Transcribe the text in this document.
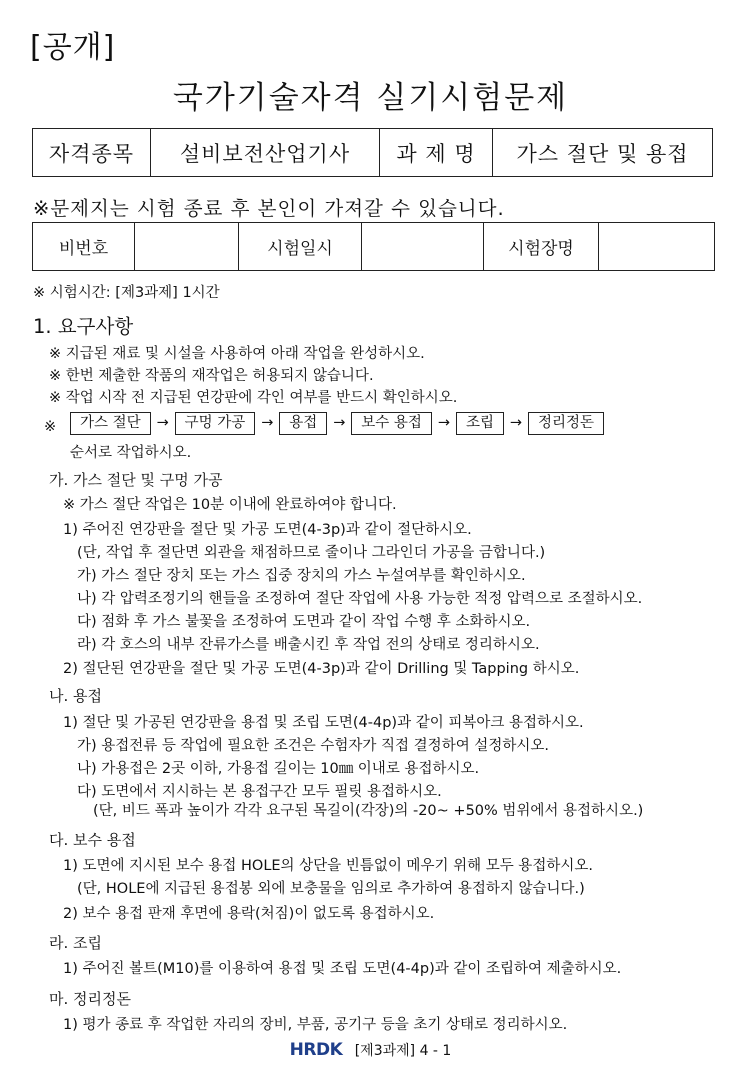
[공개]
국가기술자격 실기시험문제
자격종목	설비보전산업기사	과 제 명	가스 절단 및 용접
※문제지는 시험 종료 후 본인이 가져갈 수 있습니다.
비번호		시험일시		시험장명	
※ 시험시간: [제3과제] 1시간
1. 요구사항
※ 지급된 재료 및 시설을 사용하여 아래 작업을 완성하시오.
※ 한번 제출한 작품의 재작업은 허용되지 않습니다.
※ 작업 시작 전 지급된 연강판에 각인 여부를 반드시 확인하시오.
※	가스 절단	→	구멍 가공	→	용접	→	보수 용접	→	조립	→	정리정돈
순서로 작업하시오.
가. 가스 절단 및 구멍 가공
※ 가스 절단 작업은 10분 이내에 완료하여야 합니다.
1) 주어진 연강판을 절단 및 가공 도면(4-3p)과 같이 절단하시오.
(단, 작업 후 절단면 외관을 채점하므로 줄이나 그라인더 가공을 금합니다.)
가) 가스 절단 장치 또는 가스 집중 장치의 가스 누설여부를 확인하시오.
나) 각 압력조정기의 핸들을 조정하여 절단 작업에 사용 가능한 적정 압력으로 조절하시오.
다) 점화 후 가스 불꽃을 조정하여 도면과 같이 작업 수행 후 소화하시오.
라) 각 호스의 내부 잔류가스를 배출시킨 후 작업 전의 상태로 정리하시오.
2) 절단된 연강판을 절단 및 가공 도면(4-3p)과 같이 Drilling 및 Tapping 하시오.
나. 용접
1) 절단 및 가공된 연강판을 용접 및 조립 도면(4-4p)과 같이 피복아크 용접하시오.
가) 용접전류 등 작업에 필요한 조건은 수험자가 직접 결정하여 설정하시오.
나) 가용접은 2곳 이하, 가용접 길이는 10㎜ 이내로 용접하시오.
다) 도면에서 지시하는 본 용접구간 모두 필릿 용접하시오.
(단, 비드 폭과 높이가 각각 요구된 목길이(각장)의 -20~ +50% 범위에서 용접하시오.)
다. 보수 용접
1) 도면에 지시된 보수 용접 HOLE의 상단을 빈틈없이 메우기 위해 모두 용접하시오.
(단, HOLE에 지급된 용접봉 외에 보충물을 임의로 추가하여 용접하지 않습니다.)
2) 보수 용접 판재 후면에 용락(처짐)이 없도록 용접하시오.
라. 조립
1) 주어진 볼트(M10)를 이용하여 용접 및 조립 도면(4-4p)과 같이 조립하여 제출하시오.
마. 정리정돈
1) 평가 종료 후 작업한 자리의 장비, 부품, 공기구 등을 초기 상태로 정리하시오.
HRDK [제3과제] 4 - 1
